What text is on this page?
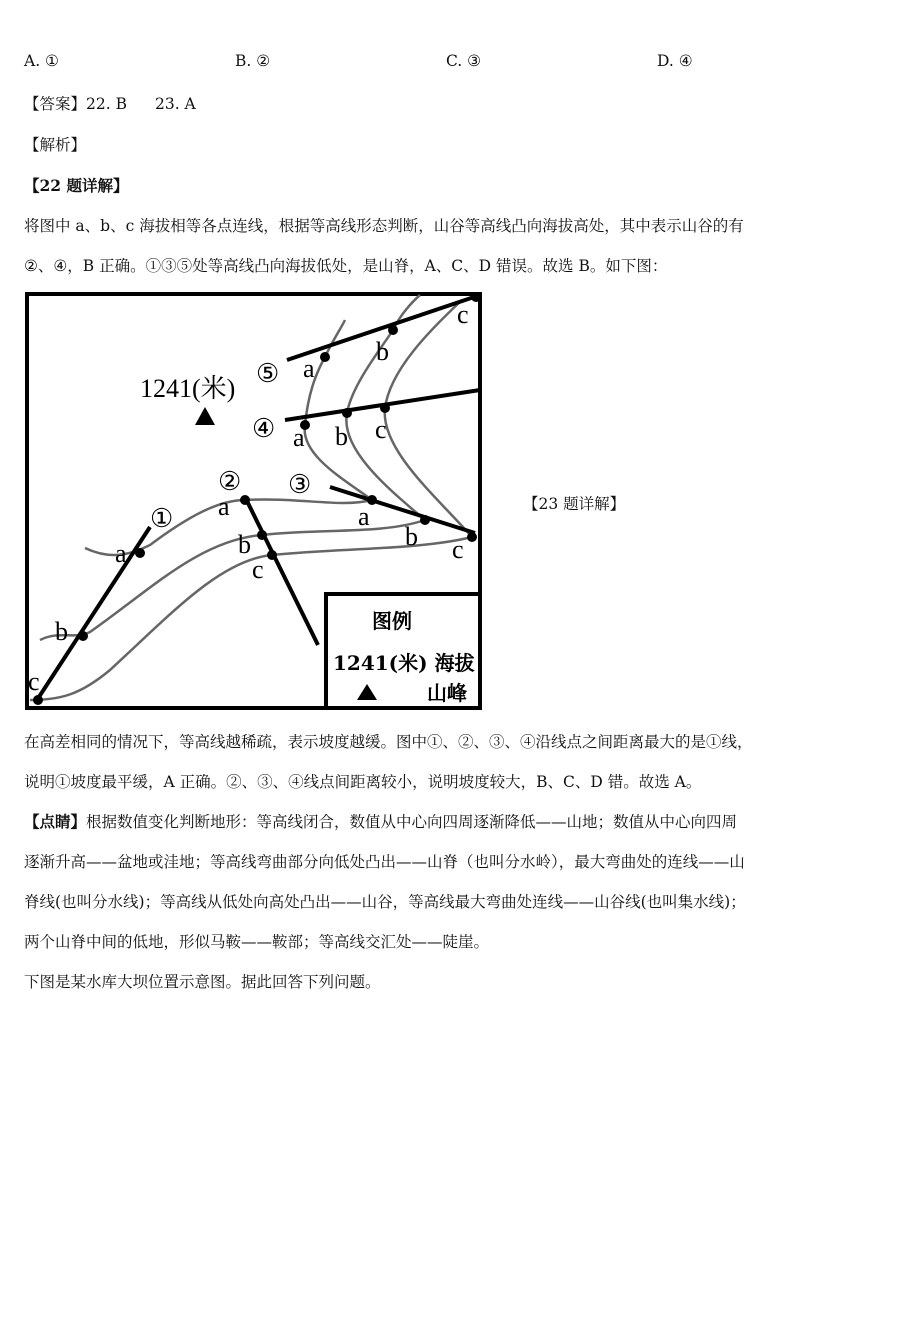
A. ①	B. ②	C. ③	D. ④
【答案】22. B 23. A
【解析】
【22 题详解】
将图中 a、b、c 海拔相等各点连线，根据等高线形态判断，山谷等高线凸向海拔高处，其中表示山谷的有
②、④，B 正确。①③⑤处等高线凸向海拔低处，是山脊，A、C、D 错误。故选 B。如下图：
①
② ③
④
⑤
a
b
c
a
b
c
a
b c
a b c
a
b
c
1241(米)
图例
1241(米) 海拔
山峰
【23 题详解】
在高差相同的情况下，等高线越稀疏，表示坡度越缓。图中①、②、③、④沿线点之间距离最大的是①线，
说明①坡度最平缓，A 正确。②、③、④线点间距离较小，说明坡度较大，B、C、D 错。故选 A。
【点睛】根据数值变化判断地形：等高线闭合，数值从中心向四周逐渐降低——山地；数值从中心向四周
逐渐升高——盆地或洼地；等高线弯曲部分向低处凸出——山脊（也叫分水岭），最大弯曲处的连线——山
脊线(也叫分水线)；等高线从低处向高处凸出——山谷，等高线最大弯曲处连线——山谷线(也叫集水线)；
两个山脊中间的低地，形似马鞍——鞍部；等高线交汇处——陡崖。
下图是某水库大坝位置示意图。据此回答下列问题。
